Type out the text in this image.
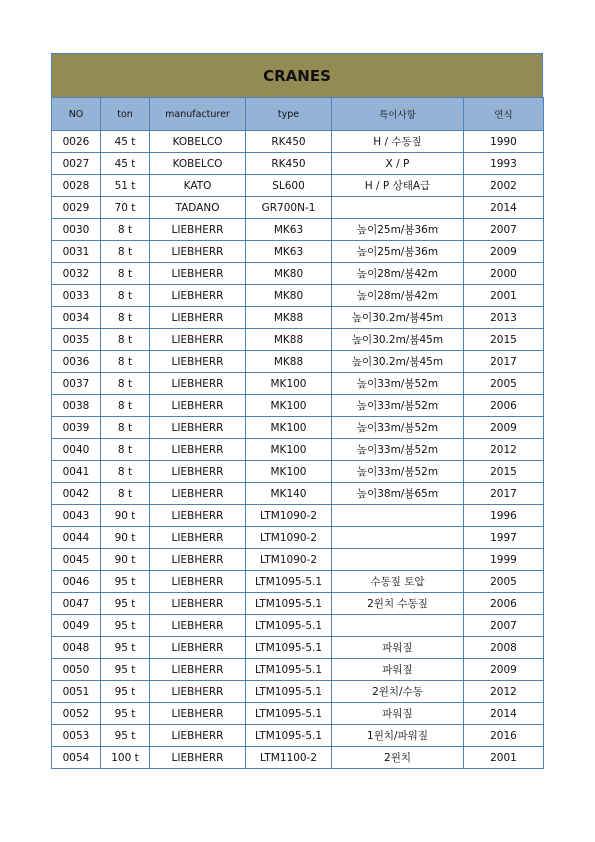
CRANES
NO	ton	manufacturer	type	특이사항	연식
0026	45 t	KOBELCO	RK450	H / 수동짚	1990
0027	45 t	KOBELCO	RK450	X / P	1993
0028	51 t	KATO	SL600	H / P 상태A급	2002
0029	70 t	TADANO	GR700N-1		2014
0030	8 t	LIEBHERR	MK63	높이25m/붐36m	2007
0031	8 t	LIEBHERR	MK63	높이25m/붐36m	2009
0032	8 t	LIEBHERR	MK80	높이28m/붐42m	2000
0033	8 t	LIEBHERR	MK80	높이28m/붐42m	2001
0034	8 t	LIEBHERR	MK88	높이30.2m/붐45m	2013
0035	8 t	LIEBHERR	MK88	높이30.2m/붐45m	2015
0036	8 t	LIEBHERR	MK88	높이30.2m/붐45m	2017
0037	8 t	LIEBHERR	MK100	높이33m/붐52m	2005
0038	8 t	LIEBHERR	MK100	높이33m/붐52m	2006
0039	8 t	LIEBHERR	MK100	높이33m/붐52m	2009
0040	8 t	LIEBHERR	MK100	높이33m/붐52m	2012
0041	8 t	LIEBHERR	MK100	높이33m/붐52m	2015
0042	8 t	LIEBHERR	MK140	높이38m/붐65m	2017
0043	90 t	LIEBHERR	LTM1090-2		1996
0044	90 t	LIEBHERR	LTM1090-2		1997
0045	90 t	LIEBHERR	LTM1090-2		1999
0046	95 t	LIEBHERR	LTM1095-5.1	수동짚 토압	2005
0047	95 t	LIEBHERR	LTM1095-5.1	2윈치 수동짚	2006
0049	95 t	LIEBHERR	LTM1095-5.1		2007
0048	95 t	LIEBHERR	LTM1095-5.1	파워짚	2008
0050	95 t	LIEBHERR	LTM1095-5.1	파워짚	2009
0051	95 t	LIEBHERR	LTM1095-5.1	2윈치/수동	2012
0052	95 t	LIEBHERR	LTM1095-5.1	파워짚	2014
0053	95 t	LIEBHERR	LTM1095-5.1	1윈치/파워짚	2016
0054	100 t	LIEBHERR	LTM1100-2	2윈치	2001
